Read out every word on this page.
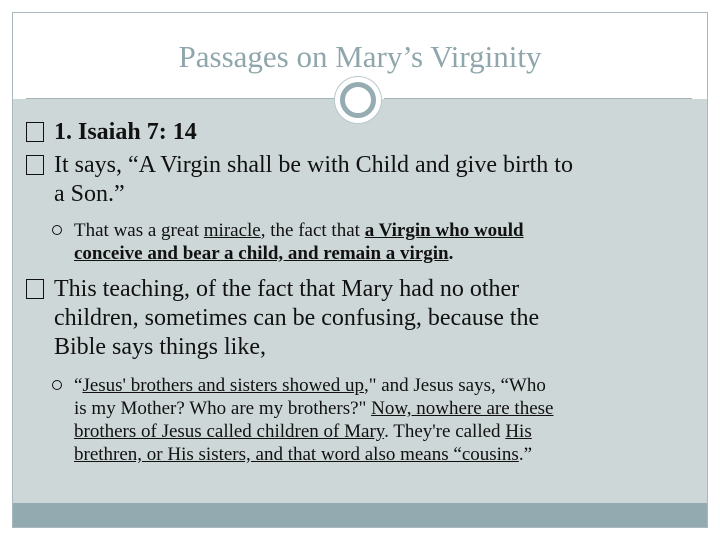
Passages on Mary’s Virginity
1. Isaiah 7: 14
It says, “A Virgin shall be with Child and give birth to
a Son.”
That was a great miracle, the fact that a Virgin who would
conceive and bear a child, and remain a virgin.
This teaching, of the fact that Mary had no other
children, sometimes can be confusing, because the
Bible says things like,
“Jesus' brothers and sisters showed up," and Jesus says, “Who
is my Mother? Who are my brothers?" Now, nowhere are these
brothers of Jesus called children of Mary. They're called His
brethren, or His sisters, and that word also means “cousins.”
